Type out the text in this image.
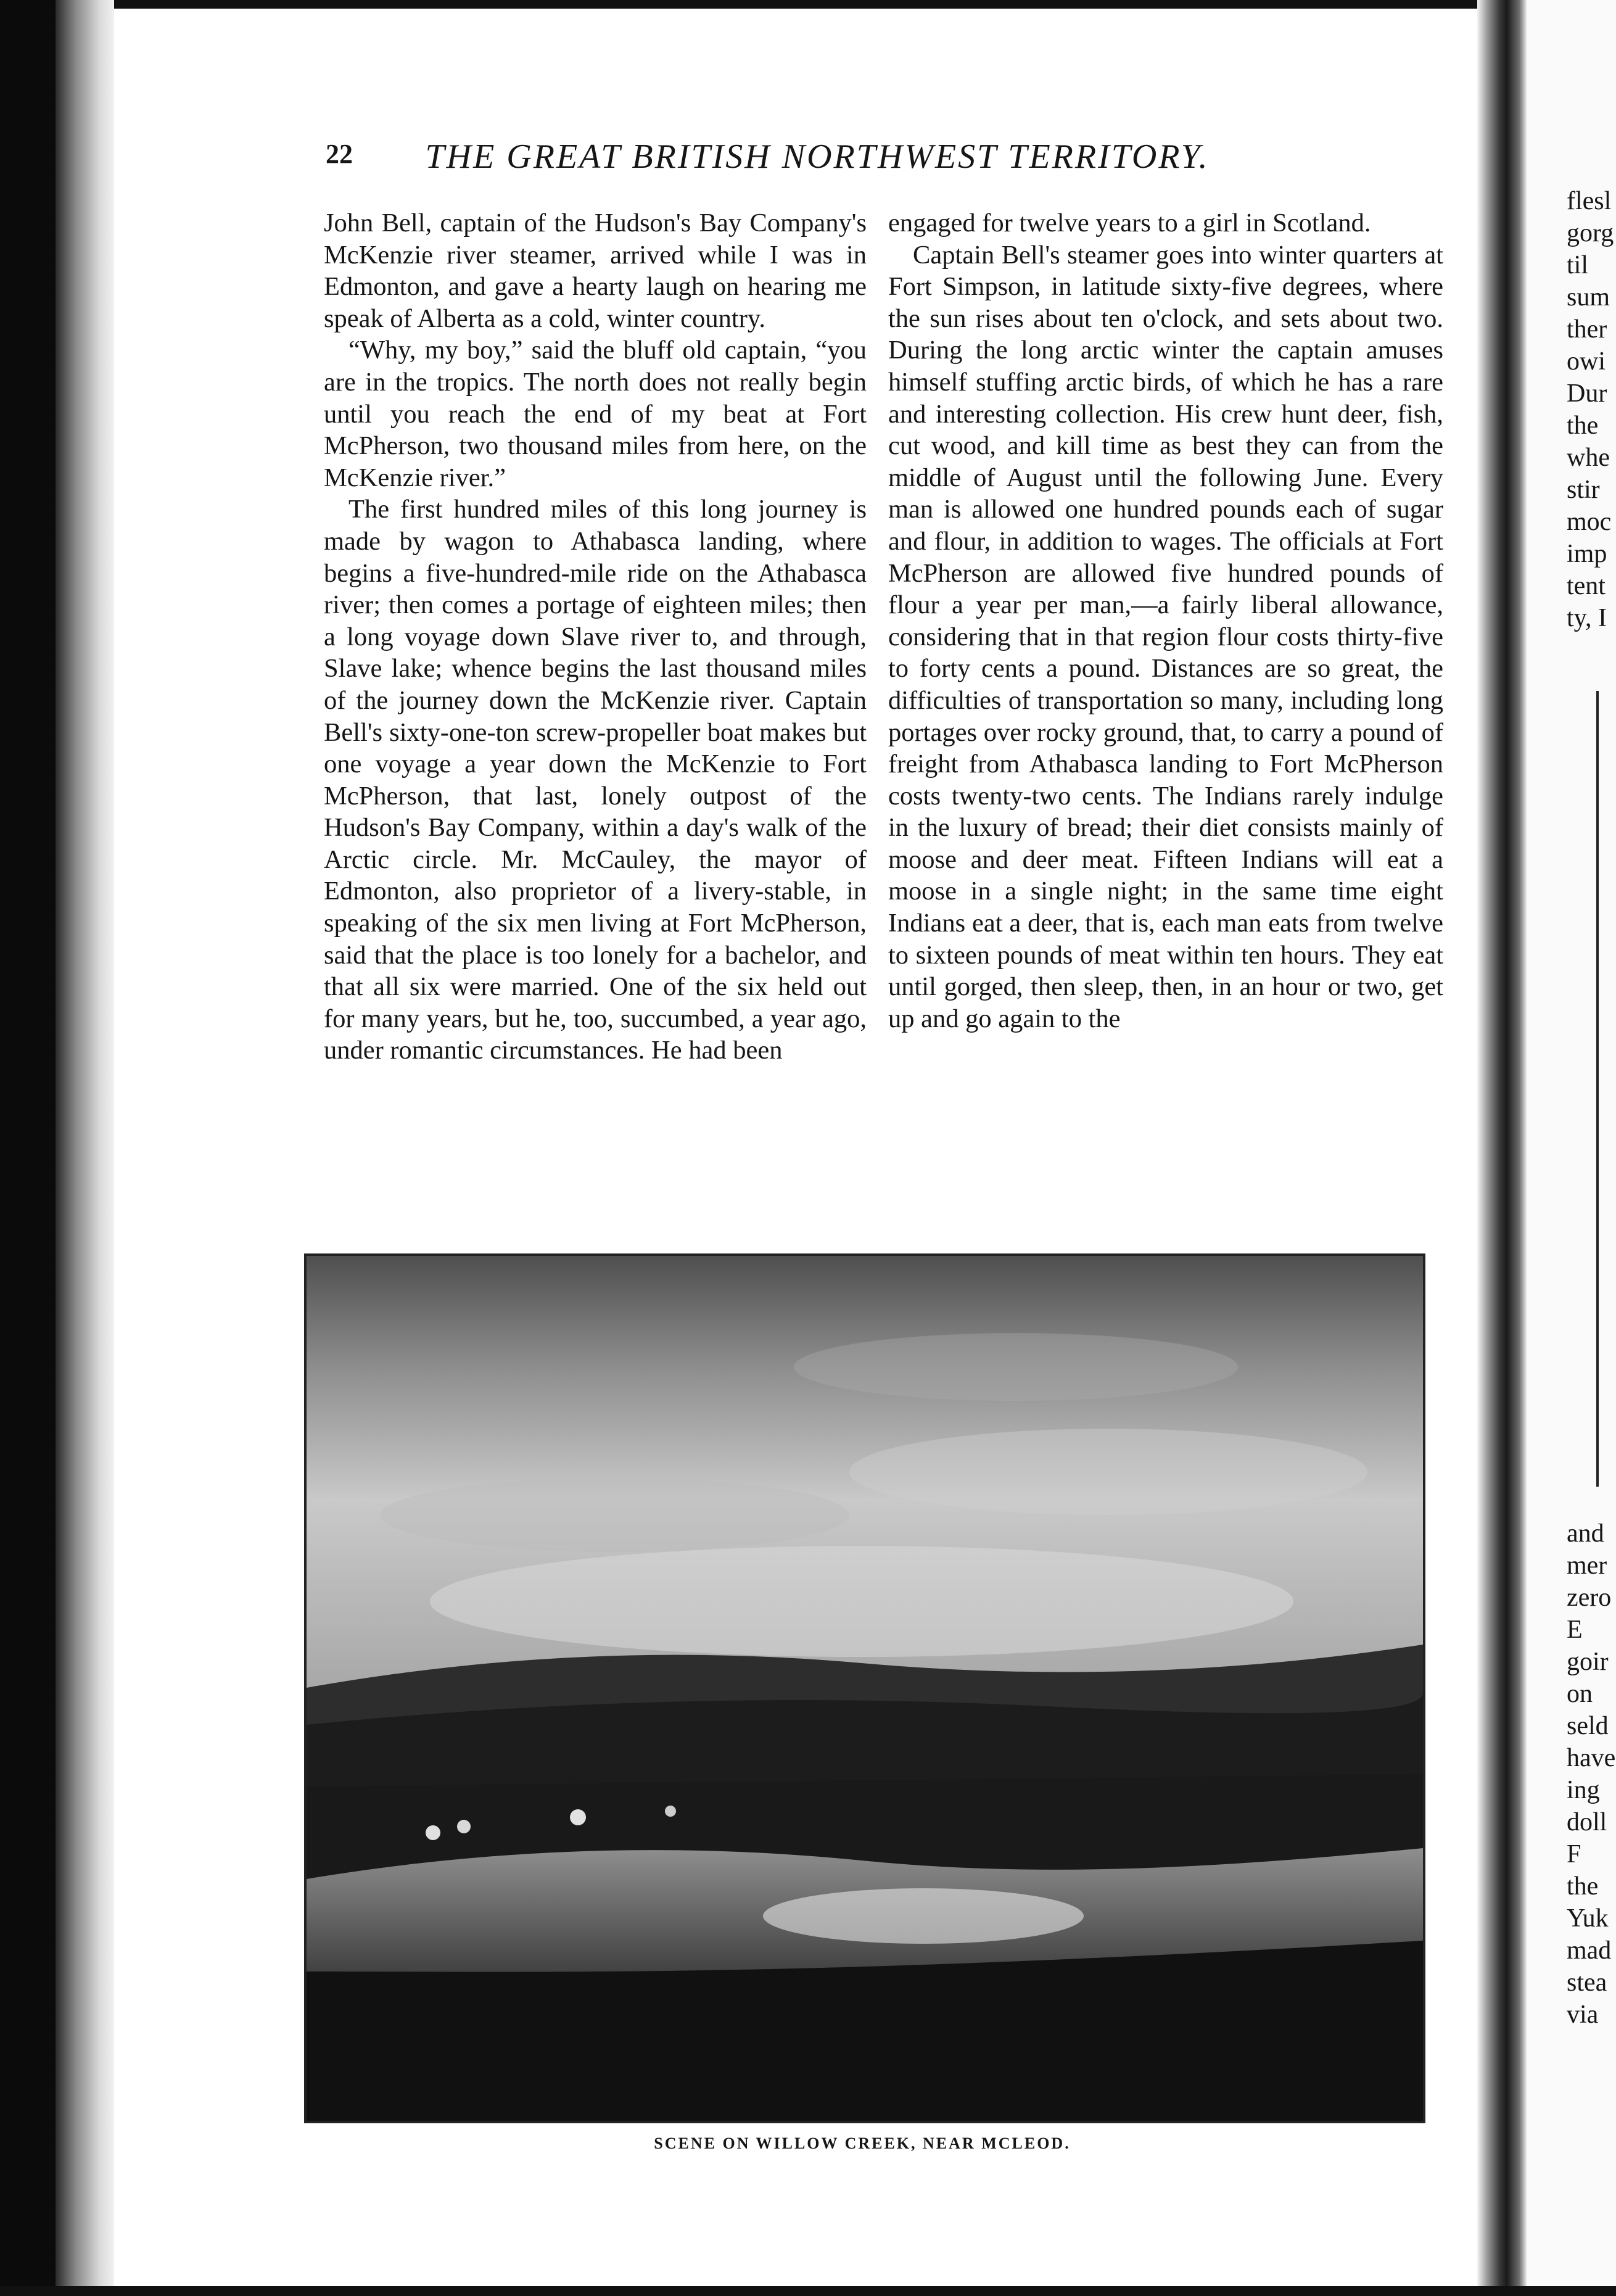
22	THE GREAT BRITISH NORTHWEST TERRITORY.

John Bell, captain of the Hudson's Bay Company's McKenzie river steamer, arrived while I was in Edmonton, and gave a hearty laugh on hearing me speak of Alberta as a cold, winter country.

“Why, my boy,” said the bluff old captain, “you are in the tropics. The north does not really begin until you reach the end of my beat at Fort McPherson, two thousand miles from here, on the McKenzie river.”

The first hundred miles of this long journey is made by wagon to Athabasca landing, where begins a five-hundred-mile ride on the Athabasca river; then comes a portage of eighteen miles; then a long voyage down Slave river to, and through, Slave lake; whence begins the last thousand miles of the journey down the McKenzie river. Captain Bell's sixty-one-ton screw-propeller boat makes but one voyage a year down the McKenzie to Fort McPherson, that last, lonely outpost of the Hudson's Bay Company, within a day's walk of the Arctic circle. Mr. McCauley, the mayor of Edmonton, also proprietor of a livery-stable, in speaking of the six men living at Fort McPherson, said that the place is too lonely for a bachelor, and that all six were married. One of the six held out for many years, but he, too, succumbed, a year ago, under romantic circumstances. He had been

engaged for twelve years to a girl in Scotland.

Captain Bell's steamer goes into winter quarters at Fort Simpson, in latitude sixty-five degrees, where the sun rises about ten o'clock, and sets about two. During the long arctic winter the captain amuses himself stuffing arctic birds, of which he has a rare and interesting collection. His crew hunt deer, fish, cut wood, and kill time as best they can from the middle of August until the following June. Every man is allowed one hundred pounds each of sugar and flour, in addition to wages. The officials at Fort McPherson are allowed five hundred pounds of flour a year per man,—a fairly liberal allowance, considering that in that region flour costs thirty-five to forty cents a pound. Distances are so great, the difficulties of transportation so many, including long portages over rocky ground, that, to carry a pound of freight from Athabasca landing to Fort McPherson costs twenty-two cents. The Indians rarely indulge in the luxury of bread; their diet consists mainly of moose and deer meat. Fifteen Indians will eat a moose in a single night; in the same time eight Indians eat a deer, that is, each man eats from twelve to sixteen pounds of meat within ten hours. They eat until gorged, then sleep, then, in an hour or two, get up and go again to the

SCENE ON WILLOW CREEK, NEAR MCLEOD.
flesl
gorg
til
sum
ther
owi
Dur
the
whe
stir
moc
imp
tent
ty, I
and
mer
zero
E
goir
on
seld
have
ing
doll
F
the
Yuk
mad
stea
via
